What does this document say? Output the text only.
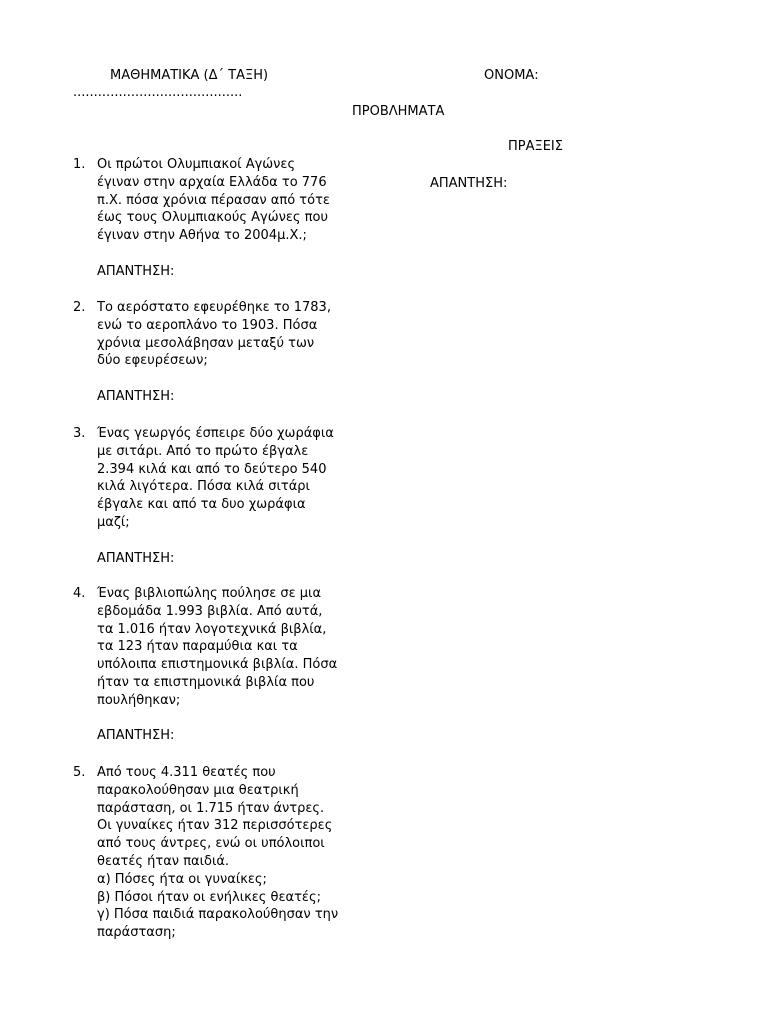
ΜΑΘΗΜΑΤΙΚΑ (Δ΄ ΤΑΞΗ)	ΟΝΟΜΑ:
.........................................
ΠΡΟΒΛΗΜΑΤΑ
ΠΡΑΞΕΙΣ
ΑΠΑΝΤΗΣΗ:
1. Οι πρώτοι Ολυμπιακοί Αγώνες
έγιναν στην αρχαία Ελλάδα το 776
π.Χ. πόσα χρόνια πέρασαν από τότε
έως τους Ολυμπιακούς Αγώνες που
έγιναν στην Αθήνα το 2004μ.Χ.;
ΑΠΑΝΤΗΣΗ:
2. Το αερόστατο εφευρέθηκε το 1783,
ενώ το αεροπλάνο το 1903. Πόσα
χρόνια μεσολάβησαν μεταξύ των
δύο εφευρέσεων;
ΑΠΑΝΤΗΣΗ:
3. Ένας γεωργός έσπειρε δύο χωράφια
με σιτάρι. Από το πρώτο έβγαλε
2.394 κιλά και από το δεύτερο 540
κιλά λιγότερα. Πόσα κιλά σιτάρι
έβγαλε και από τα δυο χωράφια
μαζί;
ΑΠΑΝΤΗΣΗ:
4. Ένας βιβλιοπώλης πούλησε σε μια
εβδομάδα 1.993 βιβλία. Από αυτά,
τα 1.016 ήταν λογοτεχνικά βιβλία,
τα 123 ήταν παραμύθια και τα
υπόλοιπα επιστημονικά βιβλία. Πόσα
ήταν τα επιστημονικά βιβλία που
πουλήθηκαν;
ΑΠΑΝΤΗΣΗ:
5. Από τους 4.311 θεατές που
παρακολούθησαν μια θεατρική
παράσταση, οι 1.715 ήταν άντρες.
Οι γυναίκες ήταν 312 περισσότερες
από τους άντρες, ενώ οι υπόλοιποι
θεατές ήταν παιδιά.
α) Πόσες ήτα οι γυναίκες;
β) Πόσοι ήταν οι ενήλικες θεατές;
γ) Πόσα παιδιά παρακολούθησαν την
παράσταση;
